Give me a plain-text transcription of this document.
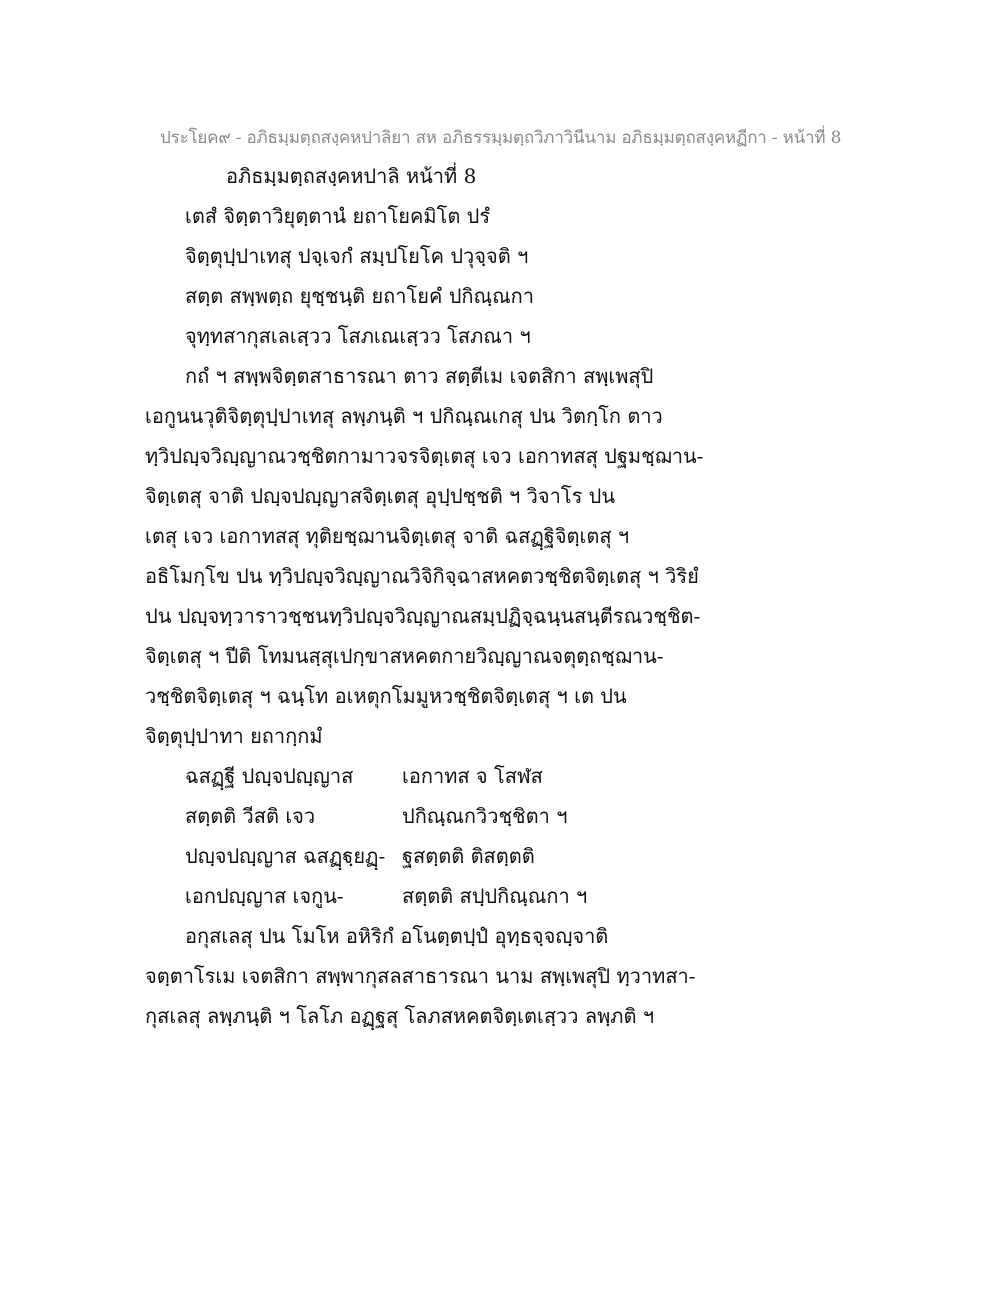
ประโยค๙ - อภิธมฺมตฺถสงฺคหปาลิยา สห อภิธรรมฺมตฺถวิภาวินีนาม อภิธมฺมตฺถสงฺคหฏีกา - หน้าที่ 8
อภิธมฺมตฺถสงฺคหปาลิ หน้าที่ 8
เตสํ จิตฺตาวิยุตฺตานํ ยถาโยคมิโต ปรํ
จิตฺตุปฺปาเทสุ ปจฺเจกํ สมฺปโยโค ปวุจฺจติ ฯ
สตฺต สพฺพตฺถ ยุชฺชนฺติ ยถาโยคํ ปกิณฺณกา
จุทฺทสากุสเลเสฺวว โสภเณเสฺวว โสภณา ฯ
กถํ ฯ สพฺพจิตฺตสาธารณา ตาว สตฺตีเม เจตสิกา สพฺเพสุปิ
เอกูนนวุติจิตฺตุปฺปาเทสุ ลพฺภนฺติ ฯ ปกิณฺณเกสุ ปน วิตกฺโก ตาว
ทฺวิปญฺจวิญฺญาณวชฺชิตกามาวจรจิตฺเตสุ เจว เอกาทสสุ ปฐมชฺฌาน-
จิตฺเตสุ จาติ ปญฺจปญฺญาสจิตฺเตสุ อุปฺปชฺชติ ฯ วิจาโร ปน
เตสุ เจว เอกาทสสุ ทุติยชฺฌานจิตฺเตสุ จาติ ฉสฏฺฐิจิตฺเตสุ ฯ
อธิโมกฺโข ปน ทฺวิปญฺจวิญฺญาณวิจิกิจฺฉาสหคตวชฺชิตจิตฺเตสุ ฯ วิริยํ
ปน ปญฺจทฺวาราวชฺชนทฺวิปญฺจวิญฺญาณสมฺปฏิจฺฉนฺนสนฺตีรณวชฺชิต-
จิตฺเตสุ ฯ ปีติ โทมนสฺสุเปกฺขาสหคตกายวิญฺญาณจตุตฺถชฺฌาน-
วชฺชิตจิตฺเตสุ ฯ ฉนฺโท อเหตุกโมมูหวชฺชิตจิตฺเตสุ ฯ เต ปน
จิตฺตุปฺปาทา ยถากฺกมํ
ฉสฏฺฐี ปญฺจปญฺญาส เอกาทส จ โสฬส
สตฺตติ วีสติ เจว	ปกิณฺณกวิวชฺชิตา ฯ
ปญฺจปญฺญาส ฉสฏฺฐฺยฏฺ- ฐสตฺตติ ติสตฺตติ
เอกปญฺญาส เจกูน-	สตฺตติ สปฺปกิณฺณกา ฯ
อกุสเลสุ ปน โมโห อหิริกํ อโนตฺตปฺปํ อุทฺธจฺจญฺจาติ
จตฺตาโรเม เจตสิกา สพฺพากุสลสาธารณา นาม สพฺเพสุปิ ทฺวาทสา-
กุสเลสุ ลพฺภนฺติ ฯ โลโภ อฏฺฐสุ โลภสหคตจิตฺเตเสฺวว ลพฺภติ ฯ
